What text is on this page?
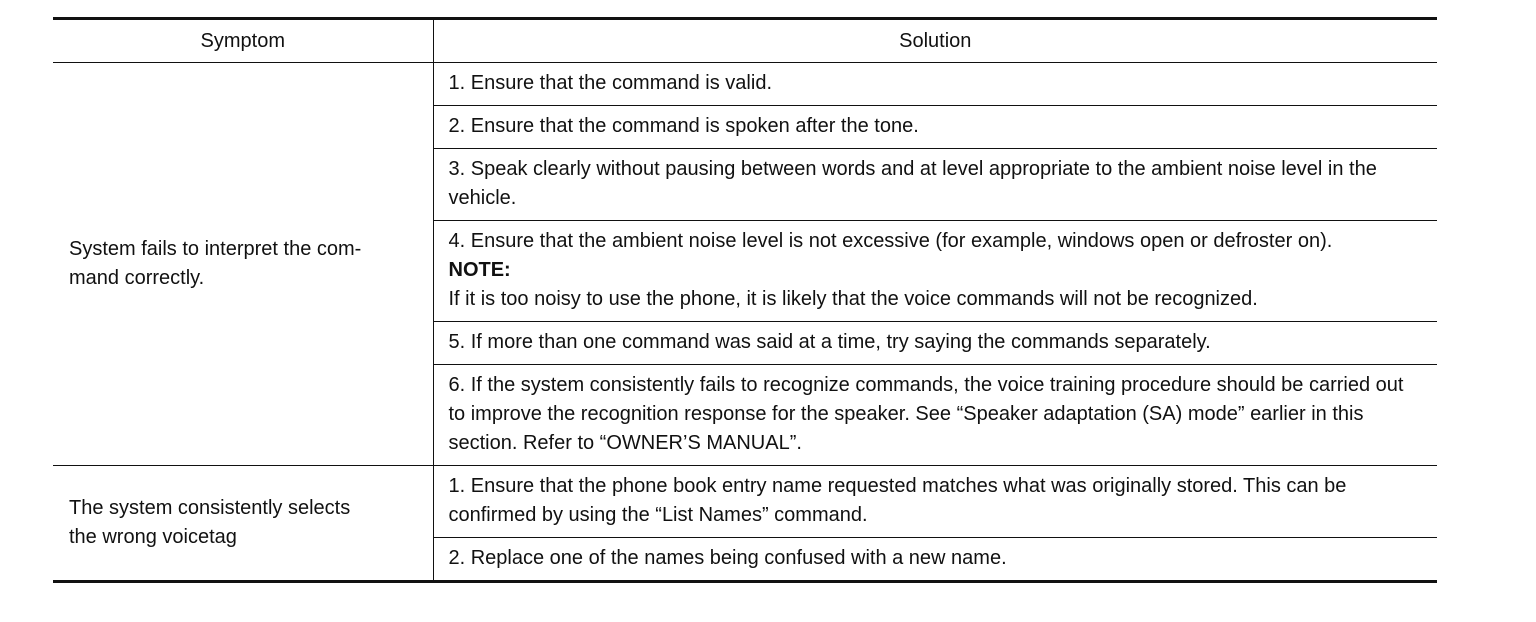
Symptom	Solution

System fails to interpret the com-
mand correctly.	1. Ensure that the command is valid.

	2. Ensure that the command is spoken after the tone.

	3. Speak clearly without pausing between words and at level appropriate to the ambient noise level in the vehicle.

	4. Ensure that the ambient noise level is not excessive (for example, windows open or defroster on).
NOTE:
If it is too noisy to use the phone, it is likely that the voice commands will not be recognized.

	5. If more than one command was said at a time, try saying the commands separately.

	6. If the system consistently fails to recognize commands, the voice training procedure should be carried out to improve the recognition response for the speaker. See “Speaker adaptation (SA) mode” earlier in this section. Refer to “OWNER’S MANUAL”.

The system consistently selects
the wrong voicetag	1. Ensure that the phone book entry name requested matches what was originally stored. This can be confirmed by using the “List Names” command.

	2. Replace one of the names being confused with a new name.
